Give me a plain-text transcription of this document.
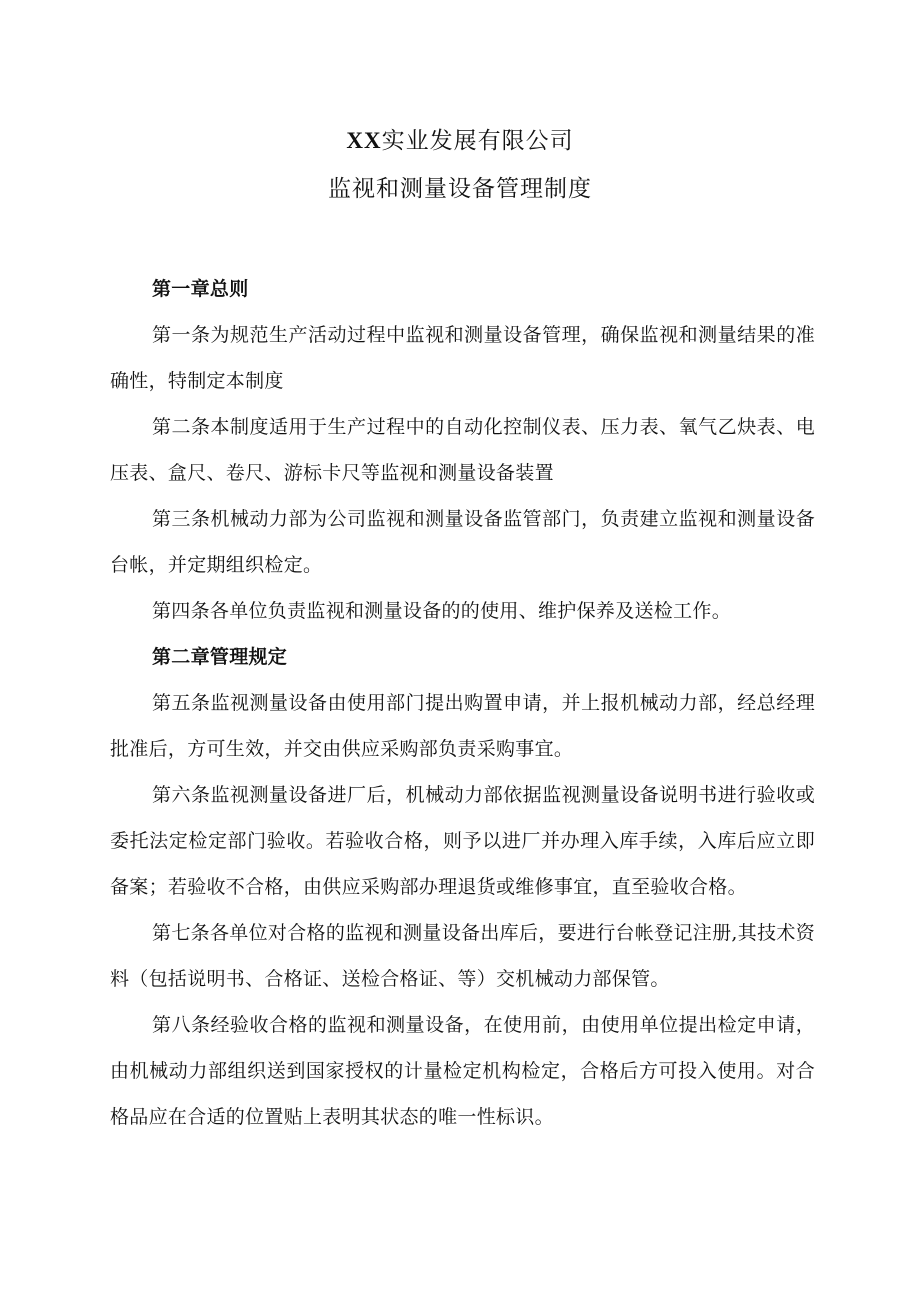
XX实业发展有限公司
监视和测量设备管理制度

第一章总则

第一条为规范生产活动过程中监视和测量设备管理，确保监视和测量结果的准确性，特制定本制度

第二条本制度适用于生产过程中的自动化控制仪表、压力表、氧气乙炔表、电压表、盒尺、卷尺、游标卡尺等监视和测量设备装置

第三条机械动力部为公司监视和测量设备监管部门，负责建立监视和测量设备台帐，并定期组织检定。

第四条各单位负责监视和测量设备的的使用、维护保养及送检工作。

第二章管理规定

第五条监视测量设备由使用部门提出购置申请，并上报机械动力部，经总经理批准后，方可生效，并交由供应采购部负责采购事宜。

第六条监视测量设备进厂后，机械动力部依据监视测量设备说明书进行验收或委托法定检定部门验收。若验收合格，则予以进厂并办理入库手续，入库后应立即备案；若验收不合格，由供应采购部办理退货或维修事宜，直至验收合格。

第七条各单位对合格的监视和测量设备出库后，要进行台帐登记注册,其技术资料（包括说明书、合格证、送检合格证、等）交机械动力部保管。

第八条经验收合格的监视和测量设备，在使用前，由使用单位提出检定申请，由机械动力部组织送到国家授权的计量检定机构检定，合格后方可投入使用。对合格品应在合适的位置贴上表明其状态的唯一性标识。
